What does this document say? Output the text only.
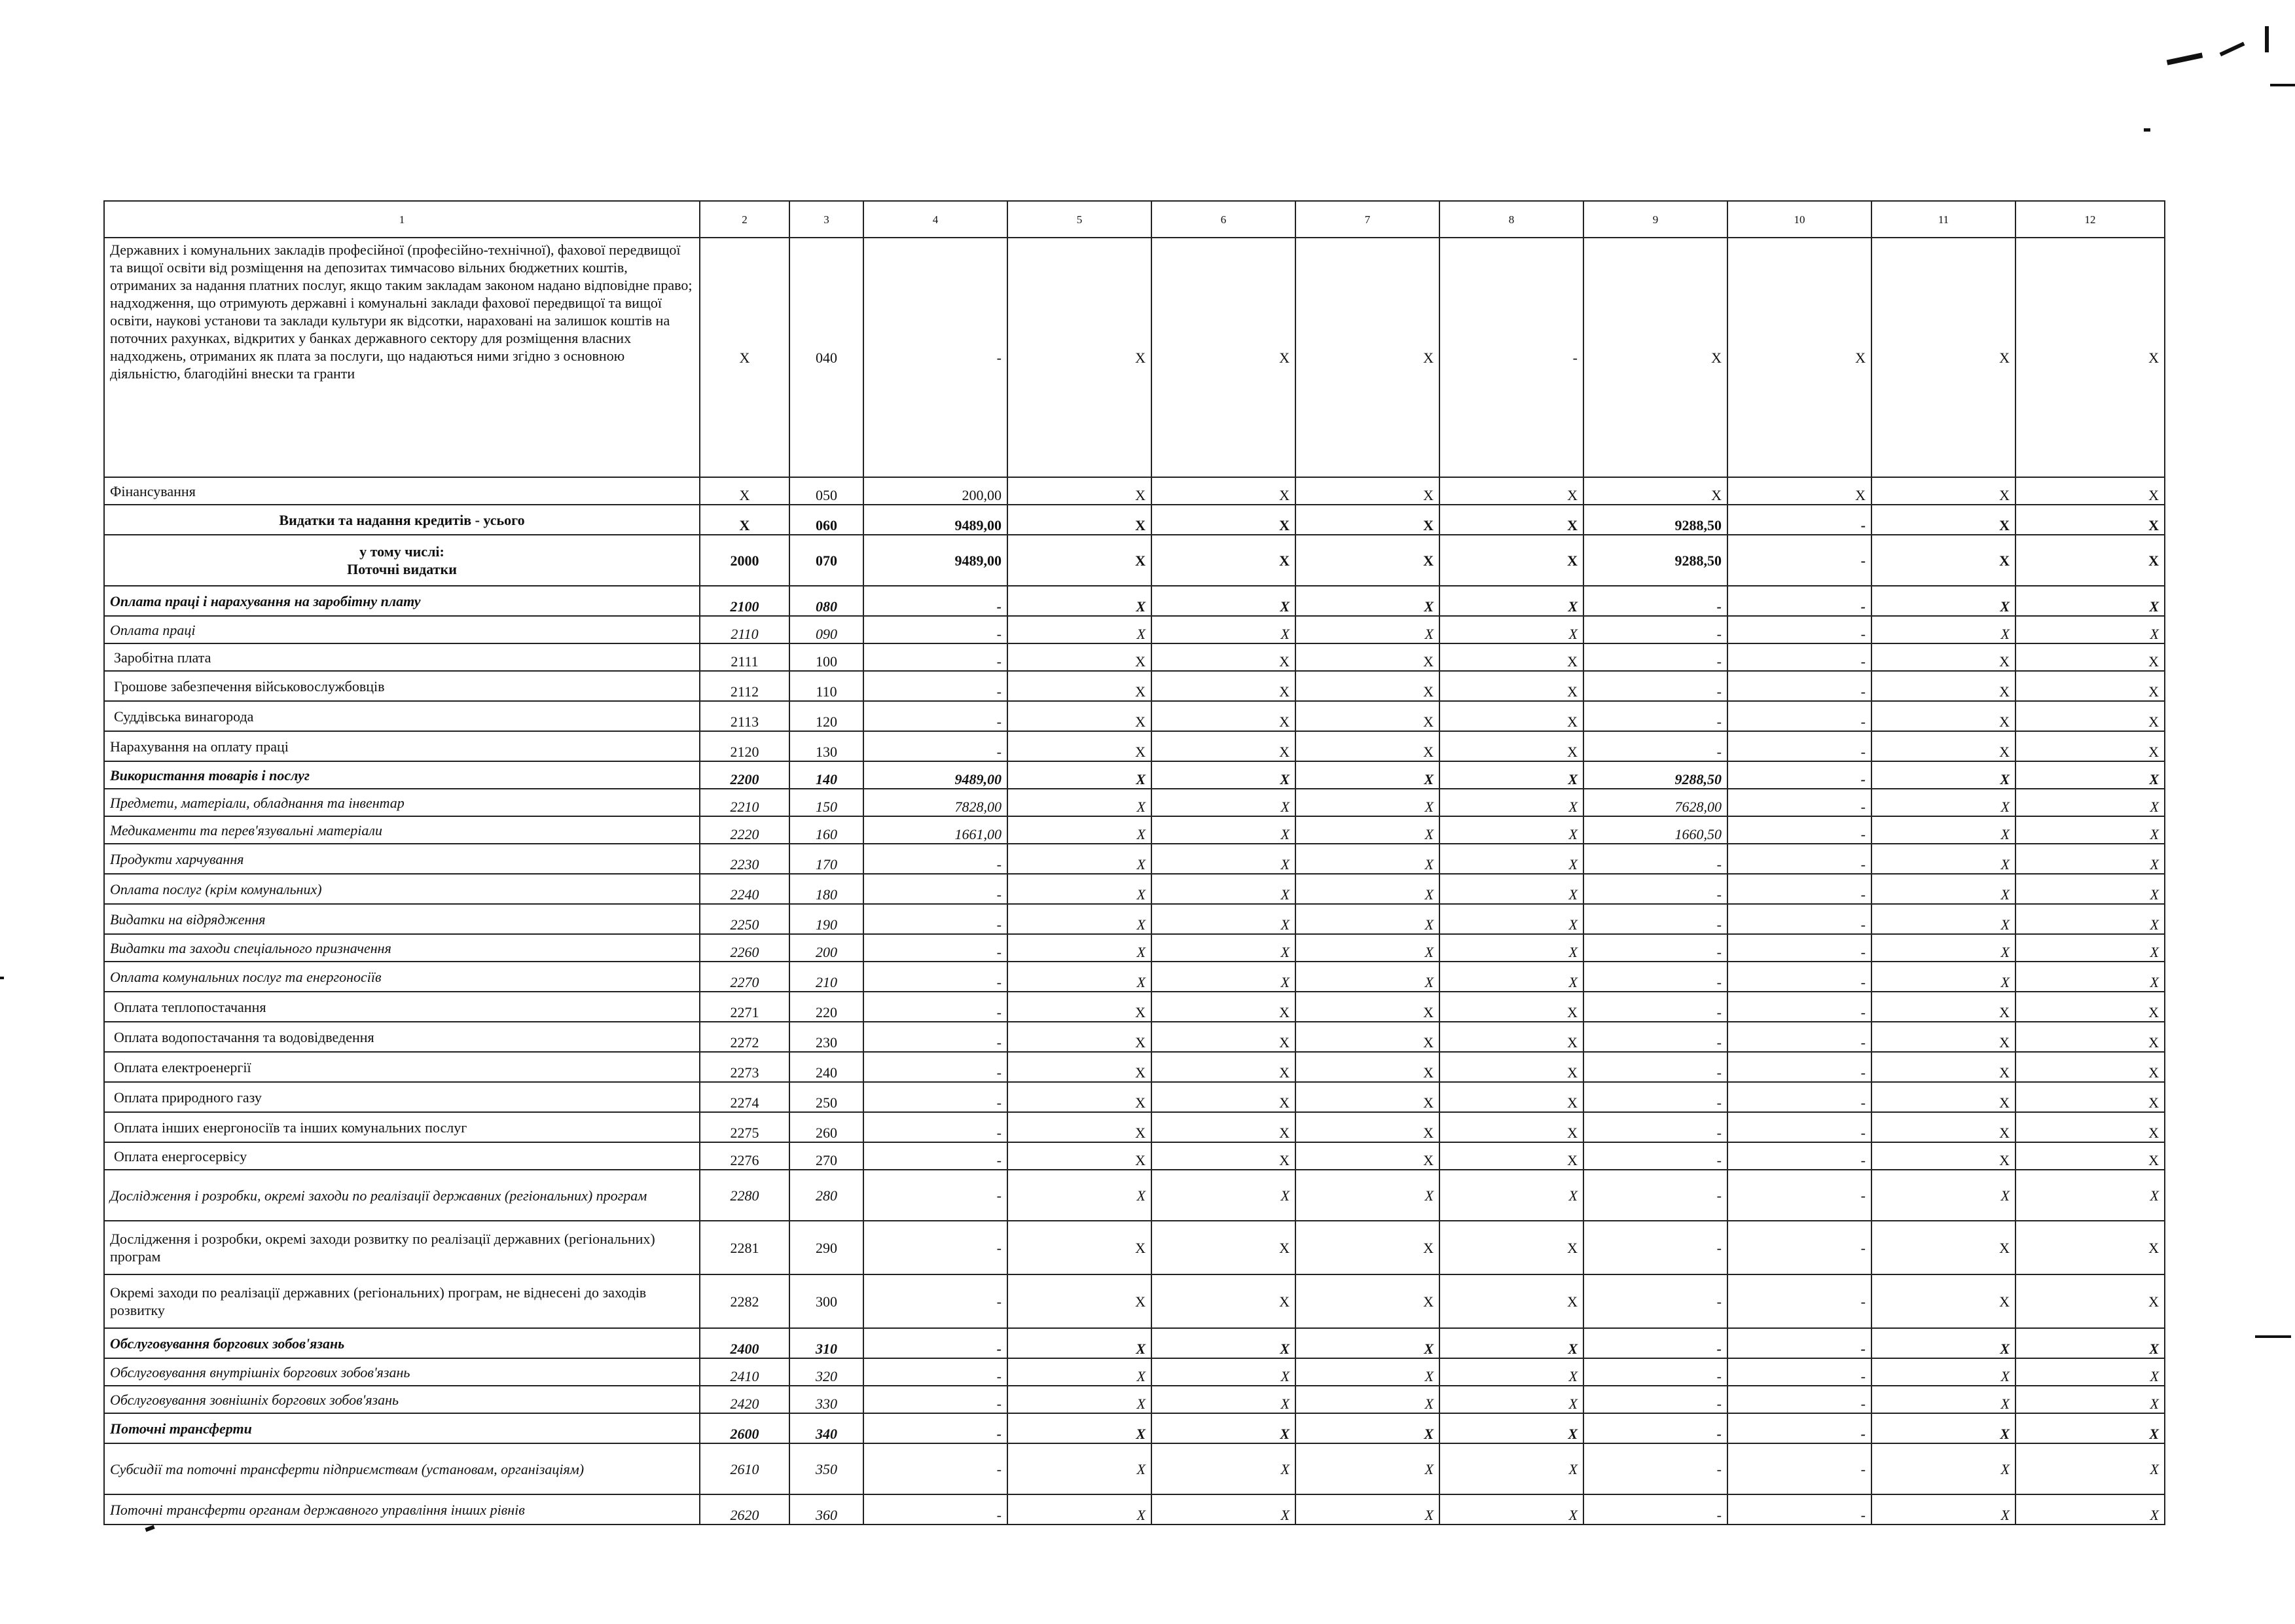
1	2	3	4	5	6	7	8	9	10	11	12
Державних і комунальних закладів професійної (професійно-технічної), фахової передвищої та вищої освіти від розміщення на депозитах тимчасово вільних бюджетних коштів, отриманих за надання платних послуг, якщо таким закладам законом надано відповідне право; надходження, що отримують державні і комунальні заклади фахової передвищої та вищої освіти, наукові установи та заклади культури як відсотки, нараховані на залишок коштів на поточних рахунках, відкритих у банках державного сектору для розміщення власних надходжень, отриманих як плата за послуги, що надаються ними згідно з основною діяльністю, благодійні внески та гранти	X	040	-	X	X	X	-	X	X	X	X
Фінансування	X	050	200,00	X	X	X	X	X	X	X	X
Видатки та надання кредитів - усього	X	060	9489,00	X	X	X	X	9288,50	-	X	X

у тому числі:
Поточні видатки	2000	070	9489,00	X	X	X	X	9288,50	-	X	X
Оплата праці і нарахування на заробітну плату	2100	080	-	X	X	X	X	-	-	X	X
Оплата праці	2110	090	-	X	X	X	X	-	-	X	X
Заробітна плата	2111	100	-	X	X	X	X	-	-	X	X
Грошове забезпечення військовослужбовців	2112	110	-	X	X	X	X	-	-	X	X
Суддівська винагорода	2113	120	-	X	X	X	X	-	-	X	X
Нарахування на оплату праці	2120	130	-	X	X	X	X	-	-	X	X
Використання товарів і послуг	2200	140	9489,00	X	X	X	X	9288,50	-	X	X
Предмети, матеріали, обладнання та інвентар	2210	150	7828,00	X	X	X	X	7628,00	-	X	X
Медикаменти та перев'язувальні матеріали	2220	160	1661,00	X	X	X	X	1660,50	-	X	X
Продукти харчування	2230	170	-	X	X	X	X	-	-	X	X
Оплата послуг (крім комунальних)	2240	180	-	X	X	X	X	-	-	X	X
Видатки на відрядження	2250	190	-	X	X	X	X	-	-	X	X
Видатки та заходи спеціального призначення	2260	200	-	X	X	X	X	-	-	X	X
Оплата комунальних послуг та енергоносіїв	2270	210	-	X	X	X	X	-	-	X	X
Оплата теплопостачання	2271	220	-	X	X	X	X	-	-	X	X
Оплата водопостачання та водовідведення	2272	230	-	X	X	X	X	-	-	X	X
Оплата електроенергії	2273	240	-	X	X	X	X	-	-	X	X
Оплата природного газу	2274	250	-	X	X	X	X	-	-	X	X
Оплата інших енергоносіїв та інших комунальних послуг	2275	260	-	X	X	X	X	-	-	X	X
Оплата енергосервісу	2276	270	-	X	X	X	X	-	-	X	X
Дослідження і розробки, окремі заходи по реалізації державних (регіональних) програм	2280	280	-	X	X	X	X	-	-	X	X
Дослідження і розробки, окремі заходи розвитку по реалізації державних (регіональних) програм	2281	290	-	X	X	X	X	-	-	X	X
Окремі заходи по реалізації державних (регіональних) програм, не віднесені до заходів розвитку	2282	300	-	X	X	X	X	-	-	X	X
Обслуговування боргових зобов'язань	2400	310	-	X	X	X	X	-	-	X	X
Обслуговування внутрішніх боргових зобов'язань	2410	320	-	X	X	X	X	-	-	X	X
Обслуговування зовнішніх боргових зобов'язань	2420	330	-	X	X	X	X	-	-	X	X
Поточні трансферти	2600	340	-	X	X	X	X	-	-	X	X
Субсидії та поточні трансферти підприємствам (установам, організаціям)	2610	350	-	X	X	X	X	-	-	X	X
Поточні трансферти органам державного управління інших рівнів	2620	360	-	X	X	X	X	-	-	X	X
